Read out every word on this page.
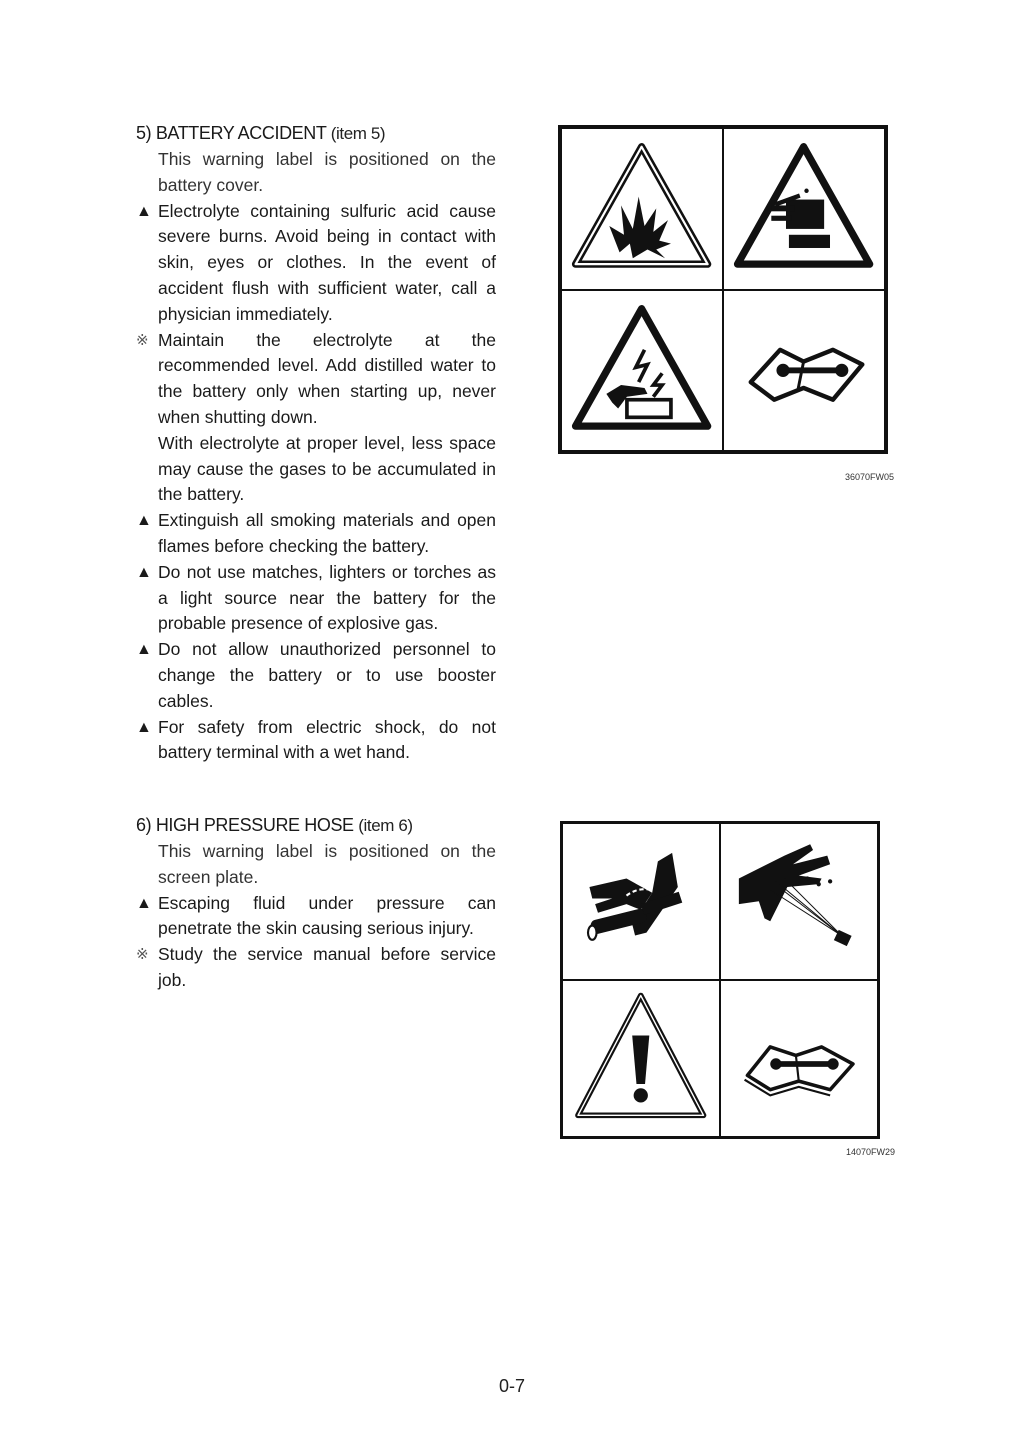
5) BATTERY ACCIDENT (item 5)
This warning label is positioned on the battery cover.
▲ Electrolyte containing sulfuric acid cause severe burns. Avoid being in contact with skin, eyes or clothes. In the event of accident flush with sufficient water, call a physician immediately.
※ Maintain the electrolyte at the recommended level. Add distilled water to the battery only when starting up, never when shutting down.
With electrolyte at proper level, less space may cause the gases to be accumulated in the battery.
▲ Extinguish all smoking materials and open flames before checking the battery.
▲ Do not use matches, lighters or torches as a light source near the battery for the probable presence of explosive gas.
▲ Do not allow unauthorized personnel to change the battery or to use booster cables.
▲ For safety from electric shock, do not battery terminal with a wet hand.
36070FW05
6) HIGH PRESSURE HOSE (item 6)
This warning label is positioned on the screen plate.
▲ Escaping fluid under pressure can penetrate the skin causing serious injury.
※ Study the service manual before service job.
14070FW29
0-7
